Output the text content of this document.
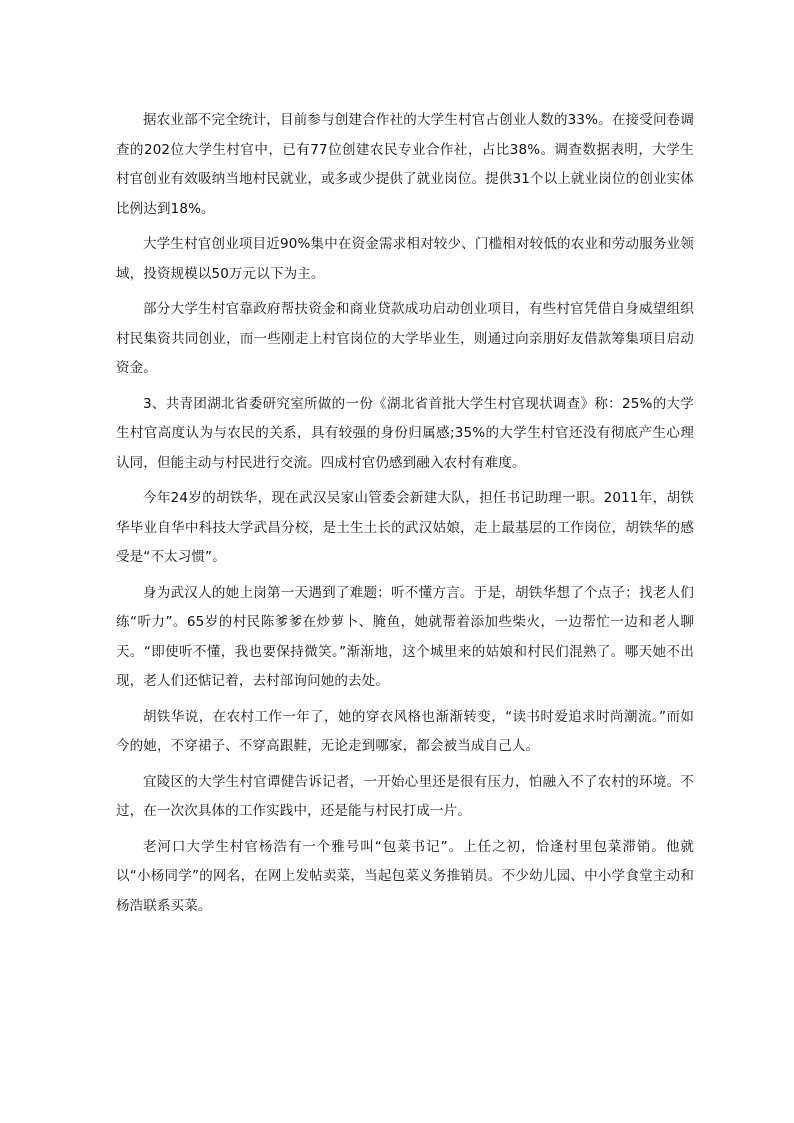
据农业部不完全统计，目前参与创建合作社的大学生村官占创业人数的33%。在接受问卷调查的202位大学生村官中，已有77位创建农民专业合作社，占比38%。调查数据表明，大学生村官创业有效吸纳当地村民就业，或多或少提供了就业岗位。提供31个以上就业岗位的创业实体比例达到18%。

大学生村官创业项目近90%集中在资金需求相对较少、门槛相对较低的农业和劳动服务业领域，投资规模以50万元以下为主。

部分大学生村官靠政府帮扶资金和商业贷款成功启动创业项目，有些村官凭借自身威望组织村民集资共同创业，而一些刚走上村官岗位的大学毕业生，则通过向亲朋好友借款筹集项目启动资金。

3、共青团湖北省委研究室所做的一份《湖北省首批大学生村官现状调查》称：25%的大学生村官高度认为与农民的关系，具有较强的身份归属感;35%的大学生村官还没有彻底产生心理认同，但能主动与村民进行交流。四成村官仍感到融入农村有难度。

今年24岁的胡铁华，现在武汉吴家山管委会新建大队，担任书记助理一职。2011年，胡铁华毕业自华中科技大学武昌分校，是土生土长的武汉姑娘，走上最基层的工作岗位，胡铁华的感受是“不太习惯”。

身为武汉人的她上岗第一天遇到了难题：听不懂方言。于是，胡铁华想了个点子：找老人们练“听力”。65岁的村民陈爹爹在炒萝卜、腌鱼，她就帮着添加些柴火，一边帮忙一边和老人聊天。“即使听不懂，我也要保持微笑。”渐渐地，这个城里来的姑娘和村民们混熟了。哪天她不出现，老人们还惦记着，去村部询问她的去处。

胡铁华说，在农村工作一年了，她的穿衣风格也渐渐转变，“读书时爱追求时尚潮流。”而如今的她，不穿裙子、不穿高跟鞋，无论走到哪家，都会被当成自己人。

宜陵区的大学生村官谭健告诉记者，一开始心里还是很有压力，怕融入不了农村的环境。不过，在一次次具体的工作实践中，还是能与村民打成一片。

老河口大学生村官杨浩有一个雅号叫“包菜书记”。上任之初，恰逢村里包菜滞销。他就以“小杨同学”的网名，在网上发帖卖菜，当起包菜义务推销员。不少幼儿园、中小学食堂主动和杨浩联系买菜。
